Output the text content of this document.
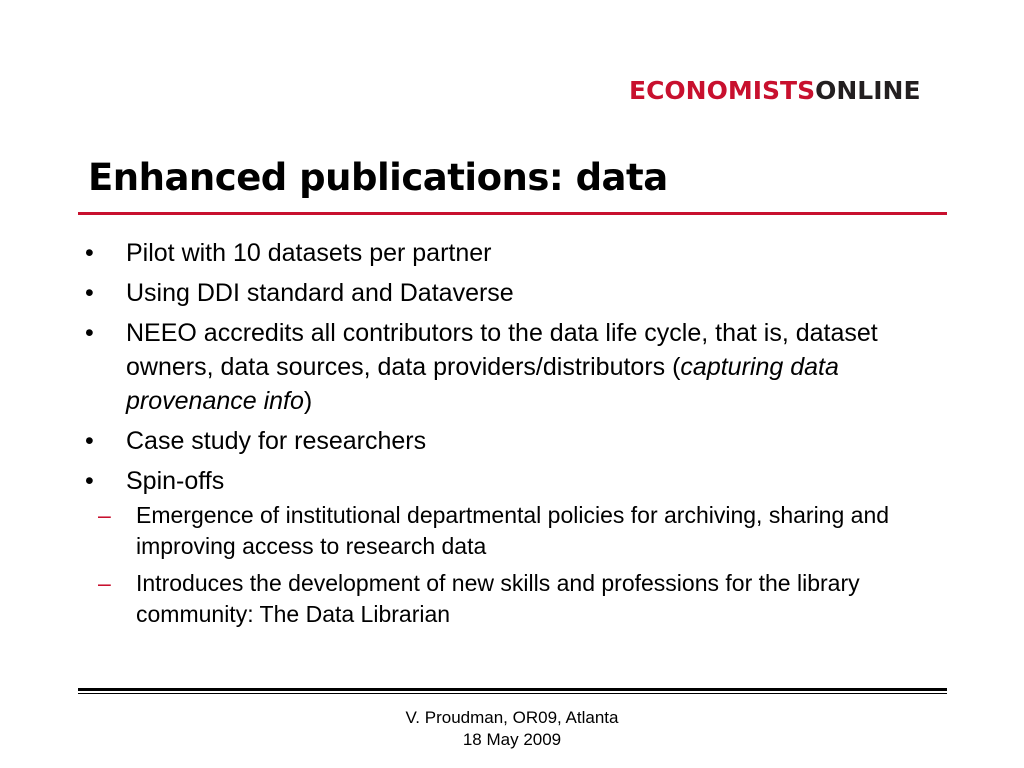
ECONOMISTSONLINE
Enhanced publications: data
• Pilot with 10 datasets per partner
• Using DDI standard and Dataverse
• NEEO accredits all contributors to the data life cycle, that is, dataset owners, data sources, data providers/distributors (capturing data provenance info)
• Case study for researchers
• Spin-offs
– Emergence of institutional departmental policies for archiving, sharing and improving access to research data
– Introduces the development of new skills and professions for the library community: The Data Librarian
V. Proudman, OR09, Atlanta
18 May 2009
